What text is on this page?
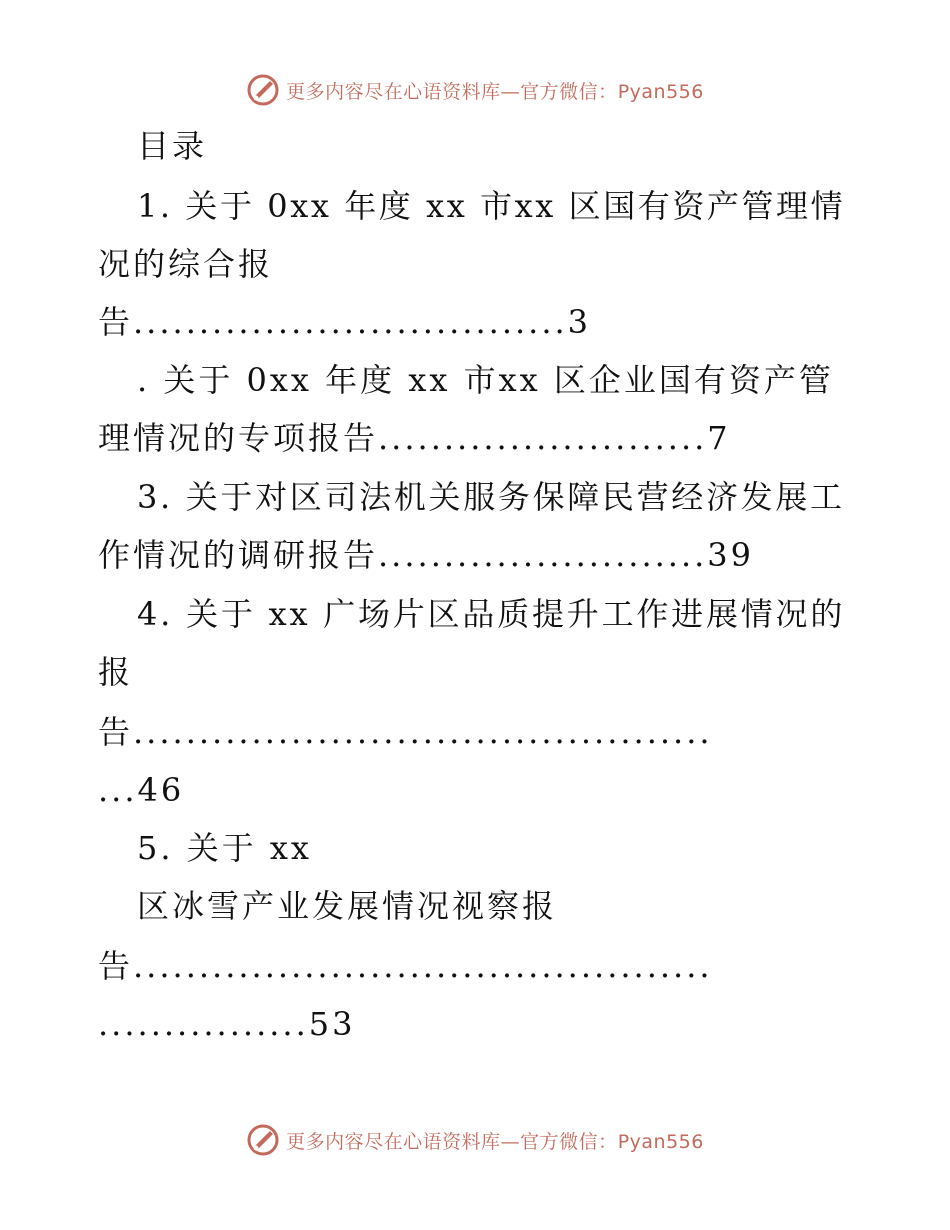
更多内容尽在心语资料库—官方微信：Pyan556
目录
1. 关于 0xx 年度 xx 市xx 区国有资产管理情
况的综合报
告.................................3
. 关于 0xx 年度 xx 市xx 区企业国有资产管
理情况的专项报告.........................7
3. 关于对区司法机关服务保障民营经济发展工
作情况的调研报告.........................39
4. 关于 xx 广场片区品质提升工作进展情况的
报
告............................................
...46
5. 关于 xx
区冰雪产业发展情况视察报
告............................................
................53
更多内容尽在心语资料库—官方微信：Pyan556
